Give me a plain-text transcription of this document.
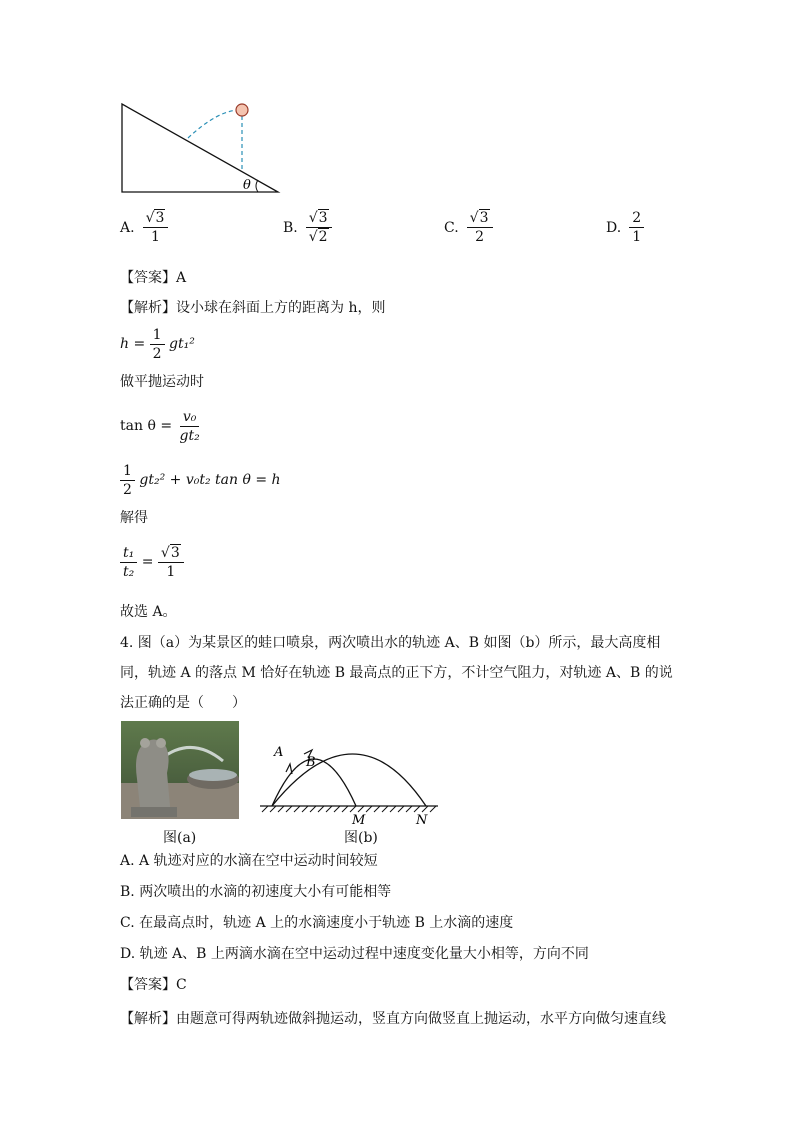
θ
A. $\frac{√3}{1}$	B. $\frac{√3}{√2}$	C. $\frac{√3}{2}$	D. $\frac{2}{1}$
【答案】A
【解析】设小球在斜面上方的距离为 h，则
$h = \frac{1}{2} gt_1^2$
做平抛运动时
$\tan \theta = \frac{\text{v₀}}{\text{gt₂}}$
$\frac{1}{2} gt_2^2 + v_0t_2$ tan θ = h
解得
$\frac{\text{t₁}}{\text{t₂}} = \frac{√3}{1}$
故选 A。
4. 图（a）为某景区的蛙口喷泉，两次喷出水的轨迹 A、B 如图（b）所示，最大高度相
同，轨迹 A 的落点 M 恰好在轨迹 B 最高点的正下方，不计空气阻力，对轨迹 A、B 的说
法正确的是（　　）
图(a)
A
B
M	N
图(b)
A. A 轨迹对应的水滴在空中运动时间较短
B. 两次喷出的水滴的初速度大小有可能相等
C. 在最高点时，轨迹 A 上的水滴速度小于轨迹 B 上水滴的速度
D. 轨迹 A、B 上两滴水滴在空中运动过程中速度变化量大小相等，方向不同
【答案】C
【解析】由题意可得两轨迹做斜抛运动，竖直方向做竖直上抛运动，水平方向做匀速直线
